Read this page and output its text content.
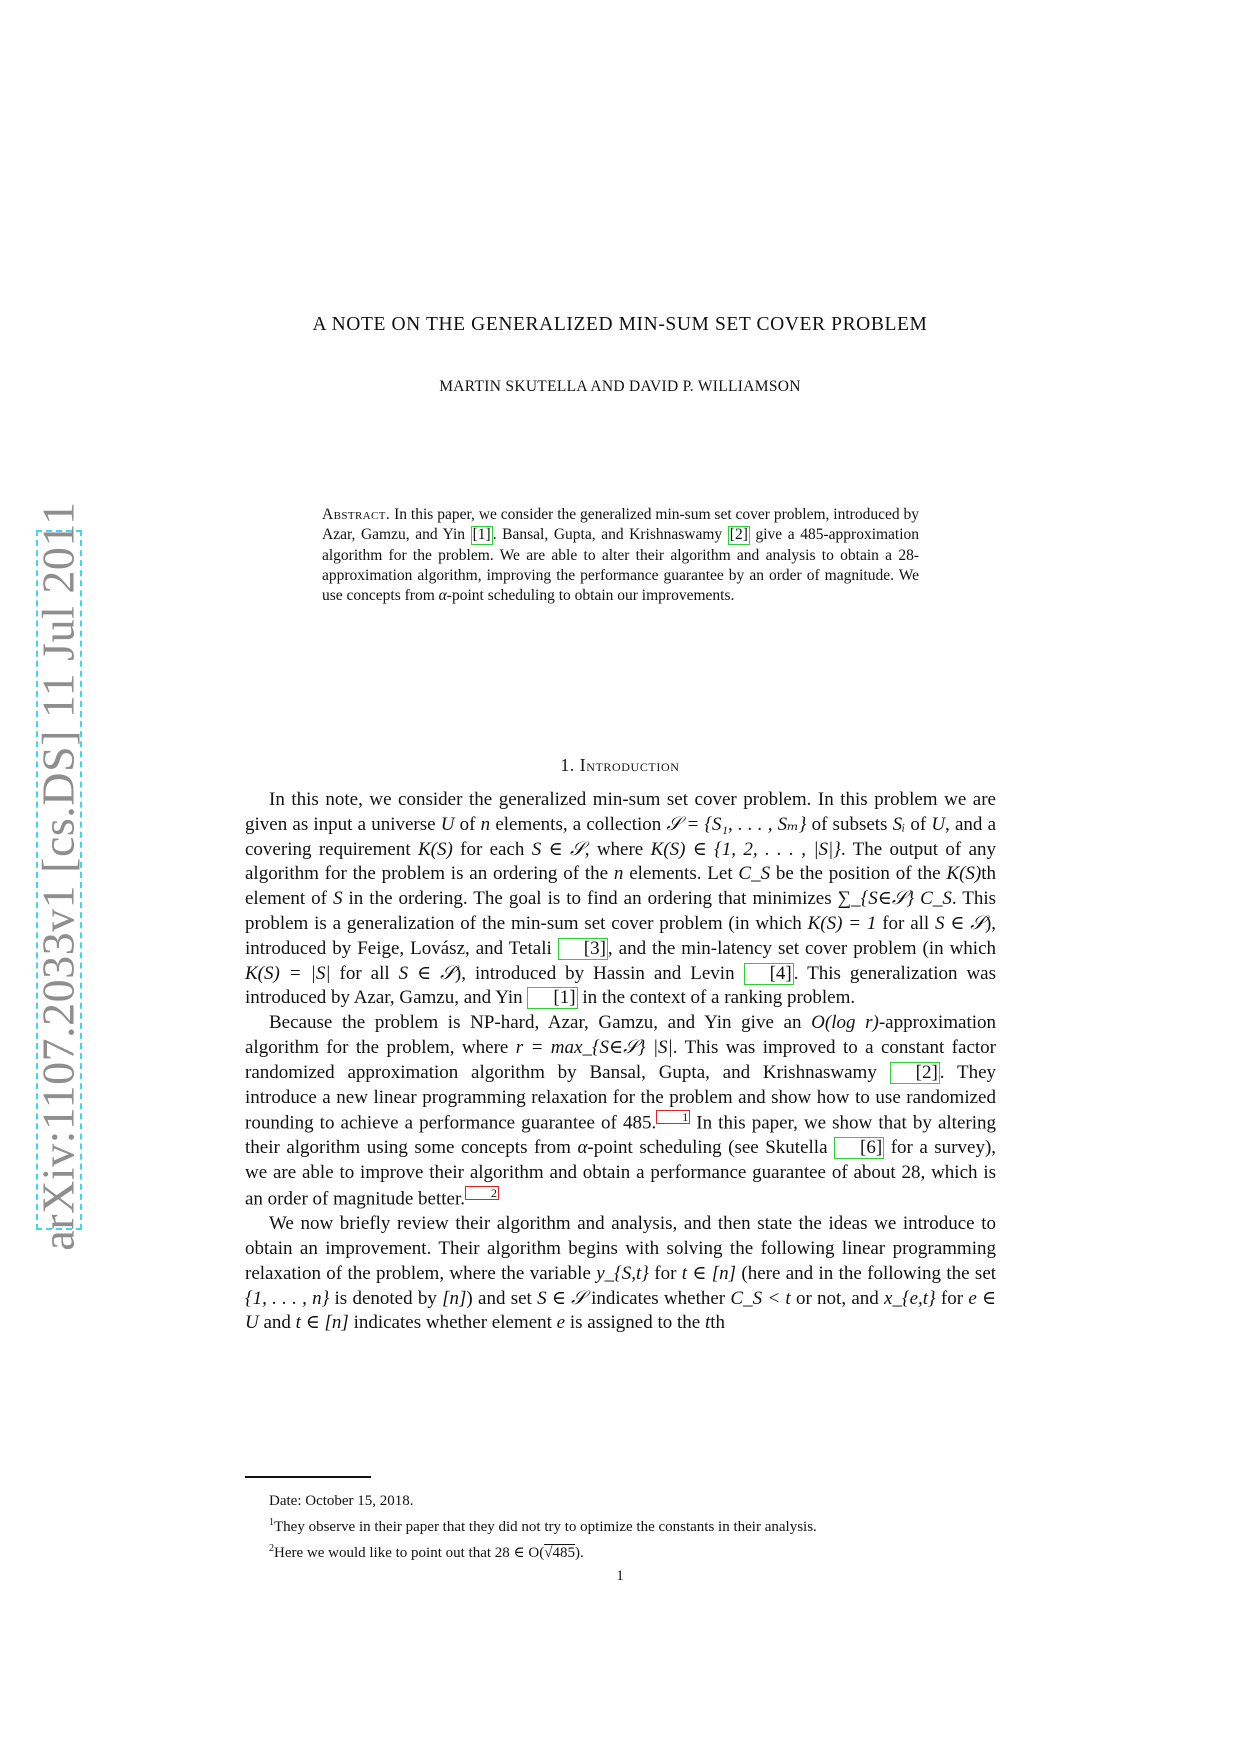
arXiv:1107.2033v1 [cs.DS] 11 Jul 2011
A NOTE ON THE GENERALIZED MIN-SUM SET COVER PROBLEM
MARTIN SKUTELLA AND DAVID P. WILLIAMSON
Abstract. In this paper, we consider the generalized min-sum set cover problem, introduced by Azar, Gamzu, and Yin [1] . Bansal, Gupta, and Krishnaswamy [2] give a 485-approximation algorithm for the problem. We are able to alter their algorithm and analysis to obtain a 28-approximation algorithm, improving the performance guarantee by an order of magnitude. We use concepts from α-point scheduling to obtain our improvements.
1. Introduction

In this note, we consider the generalized min-sum set cover problem. In this problem we are given as input a universe U of n elements, a collection 𝒮 = {S₁, . . . , Sₘ} of subsets Sᵢ of U, and a covering requirement K(S) for each S ∈ 𝒮, where K(S) ∈ {1, 2, . . . , |S|}. The output of any algorithm for the problem is an ordering of the n elements. Let C_S be the position of the K(S)th element of S in the ordering. The goal is to find an ordering that minimizes ∑_{S∈𝒮} C_S. This problem is a generalization of the min-sum set cover problem (in which K(S) = 1 for all S ∈ 𝒮), introduced by Feige, Lovász, and Tetali [3] , and the min-latency set cover problem (in which K(S) = |S| for all S ∈ 𝒮), introduced by Hassin and Levin [4] . This generalization was introduced by Azar, Gamzu, and Yin [1] in the context of a ranking problem.

Because the problem is NP-hard, Azar, Gamzu, and Yin give an O(log r)-approximation algorithm for the problem, where r = max_{S∈𝒮} |S|. This was improved to a constant factor randomized approximation algorithm by Bansal, Gupta, and Krishnaswamy [2] . They introduce a new linear programming relaxation for the problem and show how to use randomized rounding to achieve a performance guarantee of 485. 1 In this paper, we show that by altering their algorithm using some concepts from α-point scheduling (see Skutella [6] for a survey), we are able to improve their algorithm and obtain a performance guarantee of about 28, which is an order of magnitude better. 2

We now briefly review their algorithm and analysis, and then state the ideas we introduce to obtain an improvement. Their algorithm begins with solving the following linear programming relaxation of the problem, where the variable y_{S,t} for t ∈ [n] (here and in the following the set {1, . . . , n} is denoted by [n]) and set S ∈ 𝒮 indicates whether C_S < t or not, and x_{e,t} for e ∈ U and t ∈ [n] indicates whether element e is assigned to the tth

Date: October 15, 2018.
$^1$They observe in their paper that they did not try to optimize the constants in their analysis.
$^2$Here we would like to point out that 28 ∈ O(√485).
1
